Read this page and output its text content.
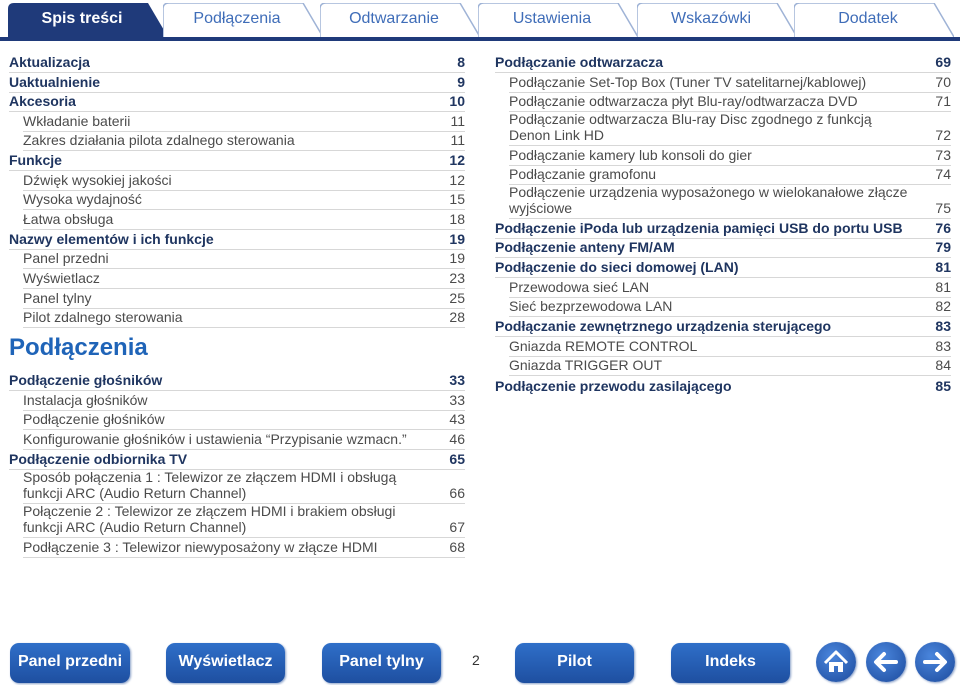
Spis treści	Podłączenia	Odtwarzanie	Ustawienia	Wskazówki	Dodatek
Aktualizacja	8
Uaktualnienie	9
Akcesoria	10
Wkładanie baterii	11
Zakres działania pilota zdalnego sterowania	11
Funkcje	12
Dźwięk wysokiej jakości	12
Wysoka wydajność	15
Łatwa obsługa	18
Nazwy elementów i ich funkcje	19
Panel przedni	19
Wyświetlacz	23
Panel tylny	25
Pilot zdalnego sterowania	28
Podłączenia
Podłączenie głośników	33
Instalacja głośników	33
Podłączenie głośników	43
Konfigurowanie głośników i ustawienia “Przypisanie wzmacn.”	46
Podłączenie odbiornika TV	65
Sposób połączenia 1 : Telewizor ze złączem HDMI i obsługą
funkcji ARC (Audio Return Channel)	66
Połączenie 2 : Telewizor ze złączem HDMI i brakiem obsługi
funkcji ARC (Audio Return Channel)	67
Podłączenie 3 : Telewizor niewyposażony w złącze HDMI	68
Podłączanie odtwarzacza	69
Podłączanie Set-Top Box (Tuner TV satelitarnej/kablowej)	70
Podłączanie odtwarzacza płyt Blu-ray/odtwarzacza DVD	71
Podłączanie odtwarzacza Blu-ray Disc zgodnego z funkcją
Denon Link HD	72
Podłączanie kamery lub konsoli do gier	73
Podłączanie gramofonu	74
Podłączenie urządzenia wyposażonego w wielokanałowe złącze
wyjściowe	75
Podłączenie iPoda lub urządzenia pamięci USB do portu USB	76
Podłączenie anteny FM/AM	79
Podłączenie do sieci domowej (LAN)	81
Przewodowa sieć LAN	81
Sieć bezprzewodowa LAN	82
Podłączanie zewnętrznego urządzenia sterującego	83
Gniazda REMOTE CONTROL	83
Gniazda TRIGGER OUT	84
Podłączenie przewodu zasilającego	85
Panel przedni	Wyświetlacz	Panel tylny	2	Pilot	Indeks
